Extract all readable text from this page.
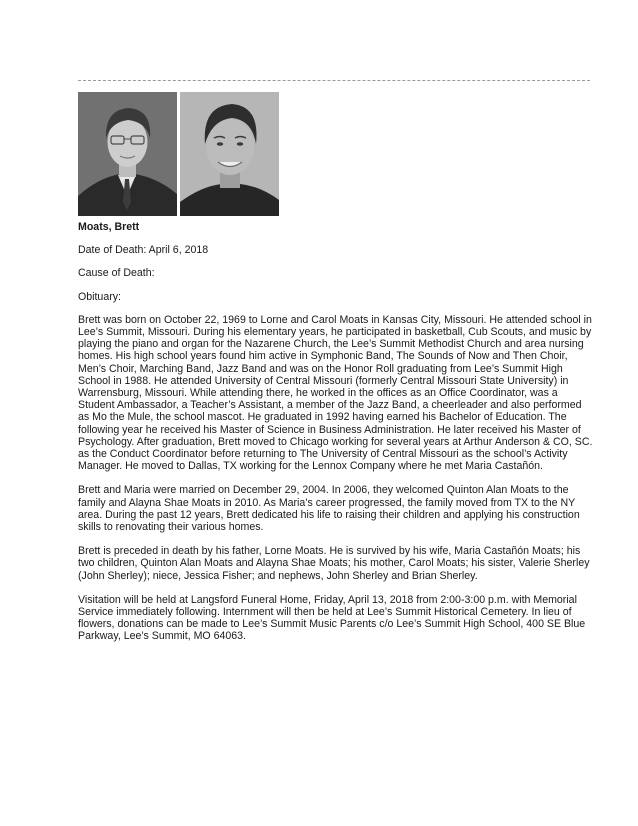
Moats, Brett

Date of Death: April 6, 2018

Cause of Death:

Obituary:

Brett was born on October 22, 1969 to Lorne and Carol Moats in Kansas City, Missouri. He attended school in Lee’s Summit, Missouri. During his elementary years, he participated in basketball, Cub Scouts, and music by playing the piano and organ for the Nazarene Church, the Lee’s Summit Methodist Church and area nursing homes. His high school years found him active in Symphonic Band, The Sounds of Now and Then Choir, Men’s Choir, Marching Band, Jazz Band and was on the Honor Roll graduating from Lee’s Summit High School in 1988. He attended University of Central Missouri (formerly Central Missouri State University) in Warrensburg, Missouri. While attending there, he worked in the offices as an Office Coordinator, was a Student Ambassador, a Teacher’s Assistant, a member of the Jazz Band, a cheerleader and also performed as Mo the Mule, the school mascot. He graduated in 1992 having earned his Bachelor of Education. The following year he received his Master of Science in Business Administration. He later received his Master of Psychology. After graduation, Brett moved to Chicago working for several years at Arthur Anderson & CO, SC. as the Conduct Coordinator before returning to The University of Central Missouri as the school’s Activity Manager. He moved to Dallas, TX working for the Lennox Company where he met Maria Castañón.

Brett and Maria were married on December 29, 2004. In 2006, they welcomed Quinton Alan Moats to the family and Alayna Shae Moats in 2010. As Maria’s career progressed, the family moved from TX to the NY area. During the past 12 years, Brett dedicated his life to raising their children and applying his construction skills to renovating their various homes.

Brett is preceded in death by his father, Lorne Moats. He is survived by his wife, Maria Castañón Moats; his two children, Quinton Alan Moats and Alayna Shae Moats; his mother, Carol Moats; his sister, Valerie Sherley (John Sherley); niece, Jessica Fisher; and nephews, John Sherley and Brian Sherley.

Visitation will be held at Langsford Funeral Home, Friday, April 13, 2018 from 2:00-3:00 p.m. with Memorial Service immediately following. Internment will then be held at Lee’s Summit Historical Cemetery. In lieu of flowers, donations can be made to Lee’s Summit Music Parents c/o Lee’s Summit High School, 400 SE Blue Parkway, Lee’s Summit, MO 64063.
